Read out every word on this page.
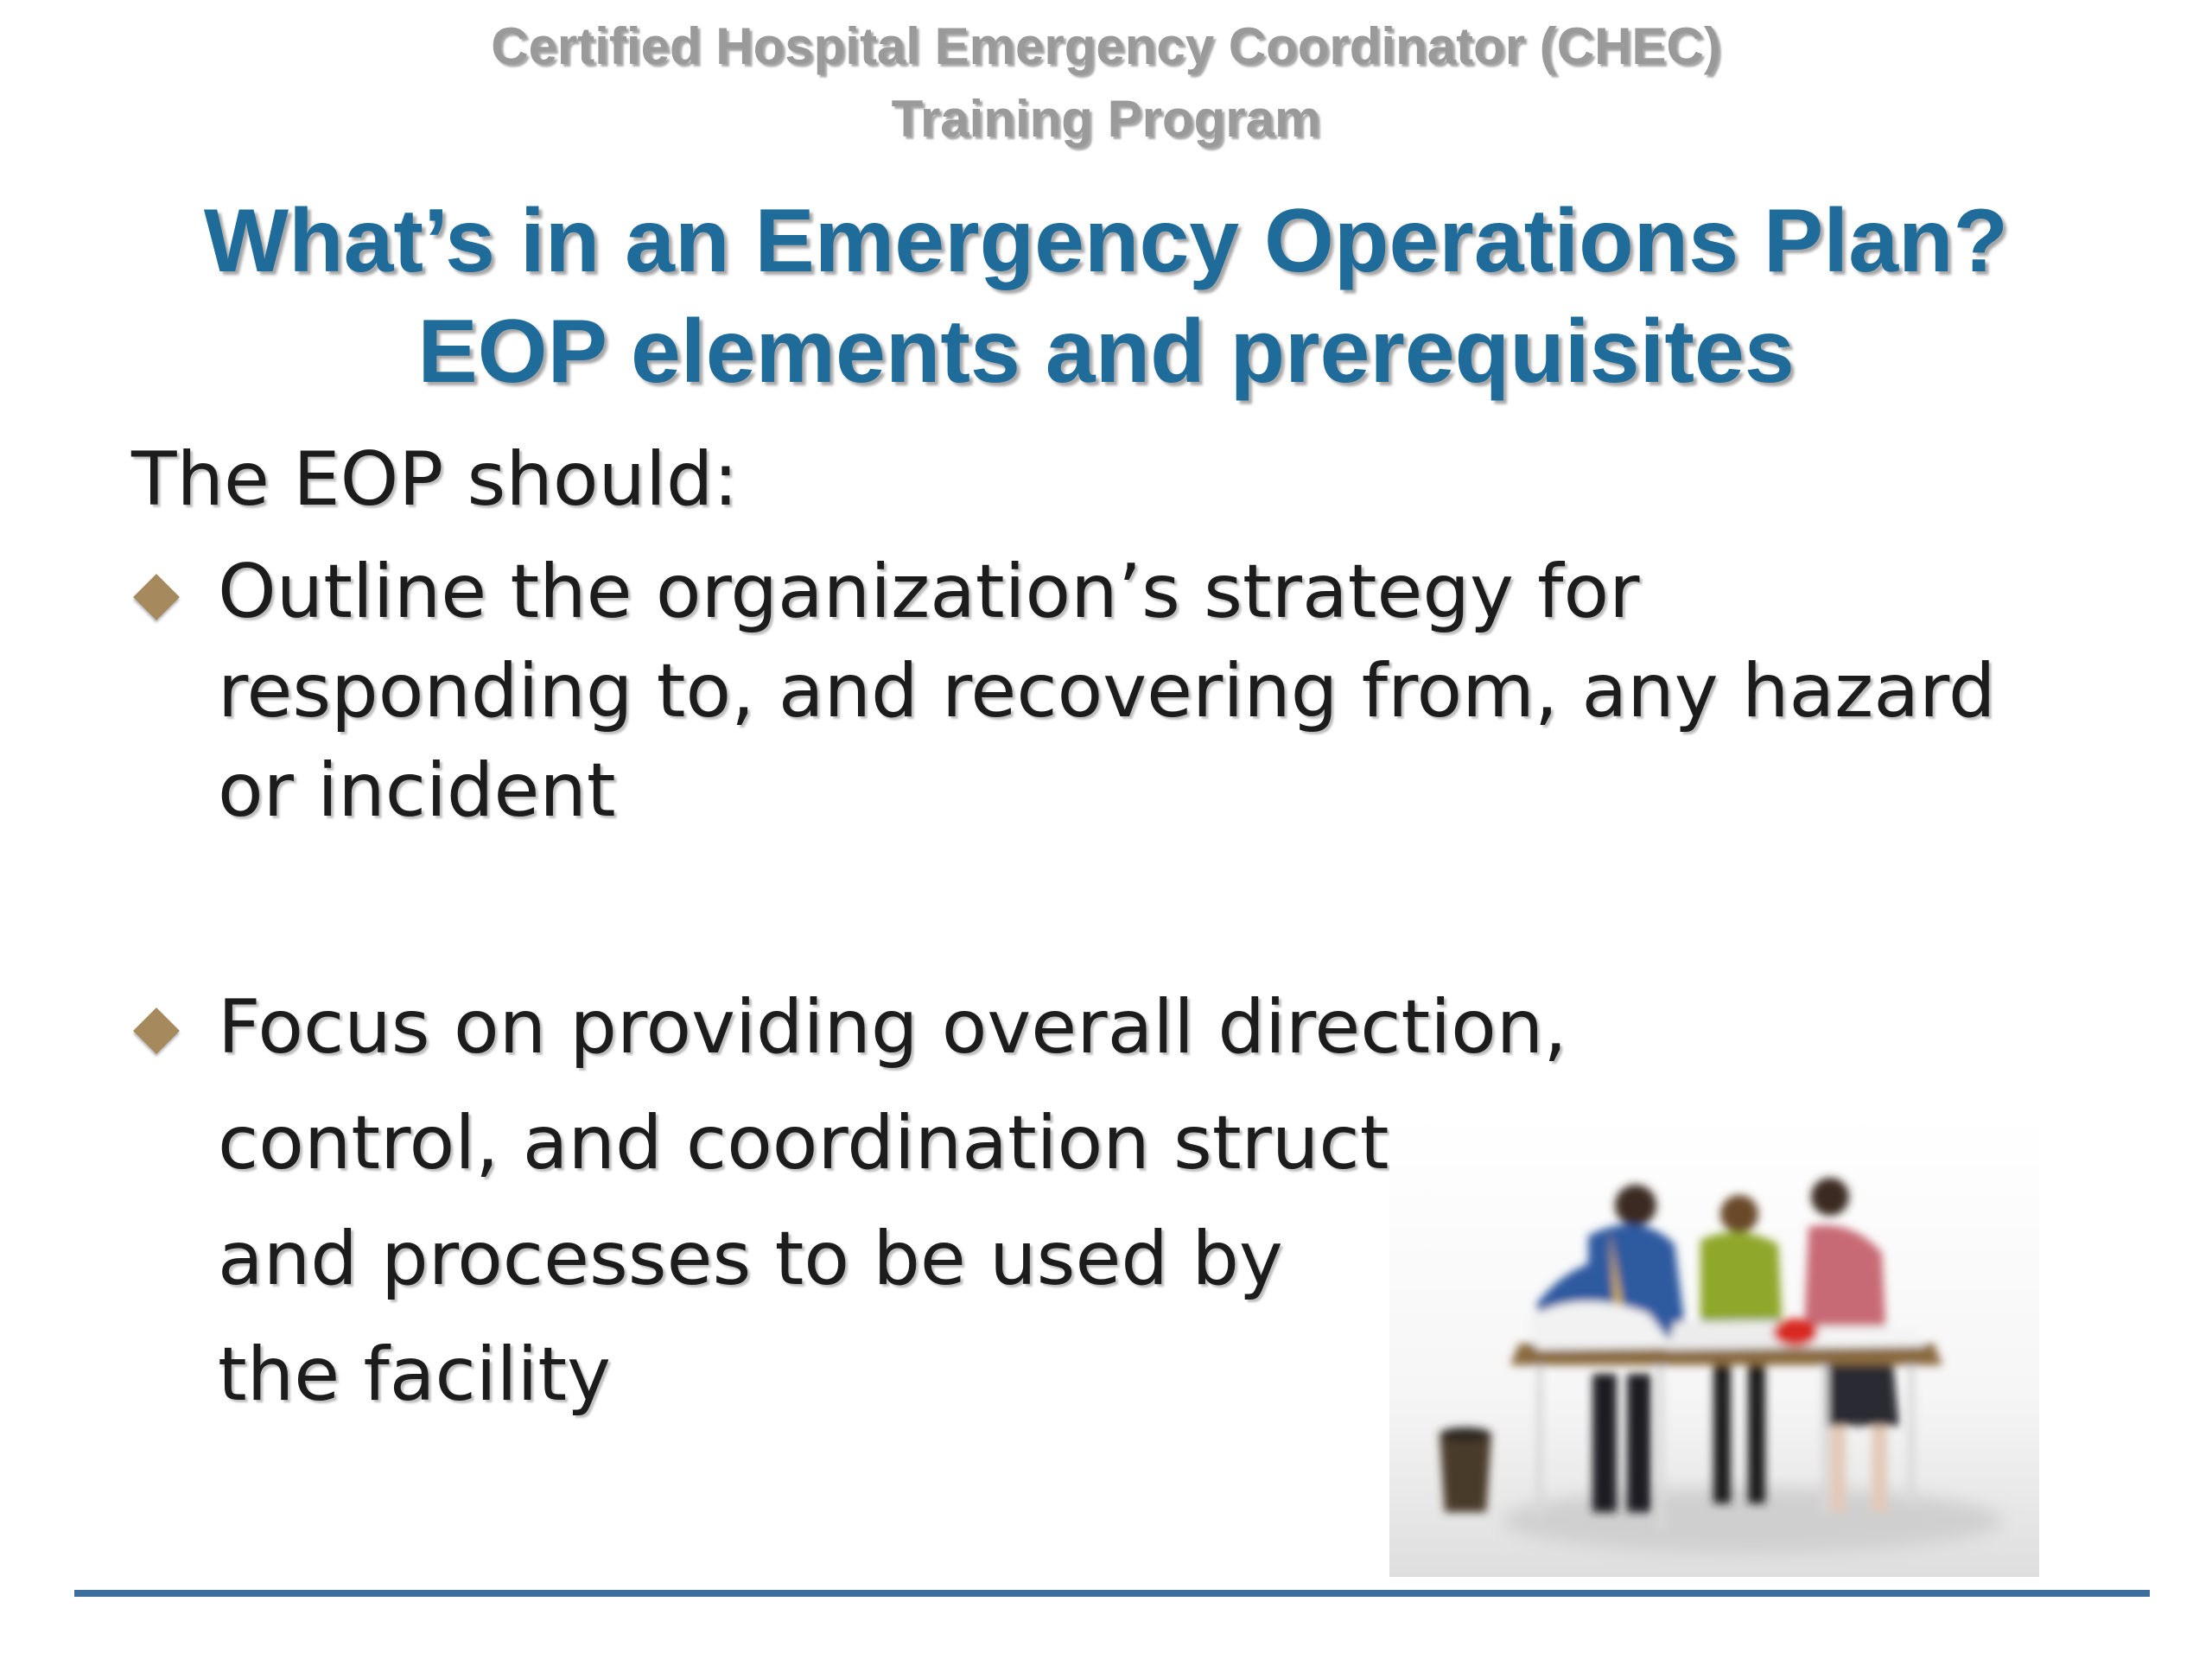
Certified Hospital Emergency Coordinator (CHEC)
Training Program
What’s in an Emergency Operations Plan?
EOP elements and prerequisites
The EOP should:
Outline the organization’s strategy for
responding to, and recovering from, any hazard
or incident
Focus on providing overall direction,
control, and coordination struct
and processes to be used by
the facility
